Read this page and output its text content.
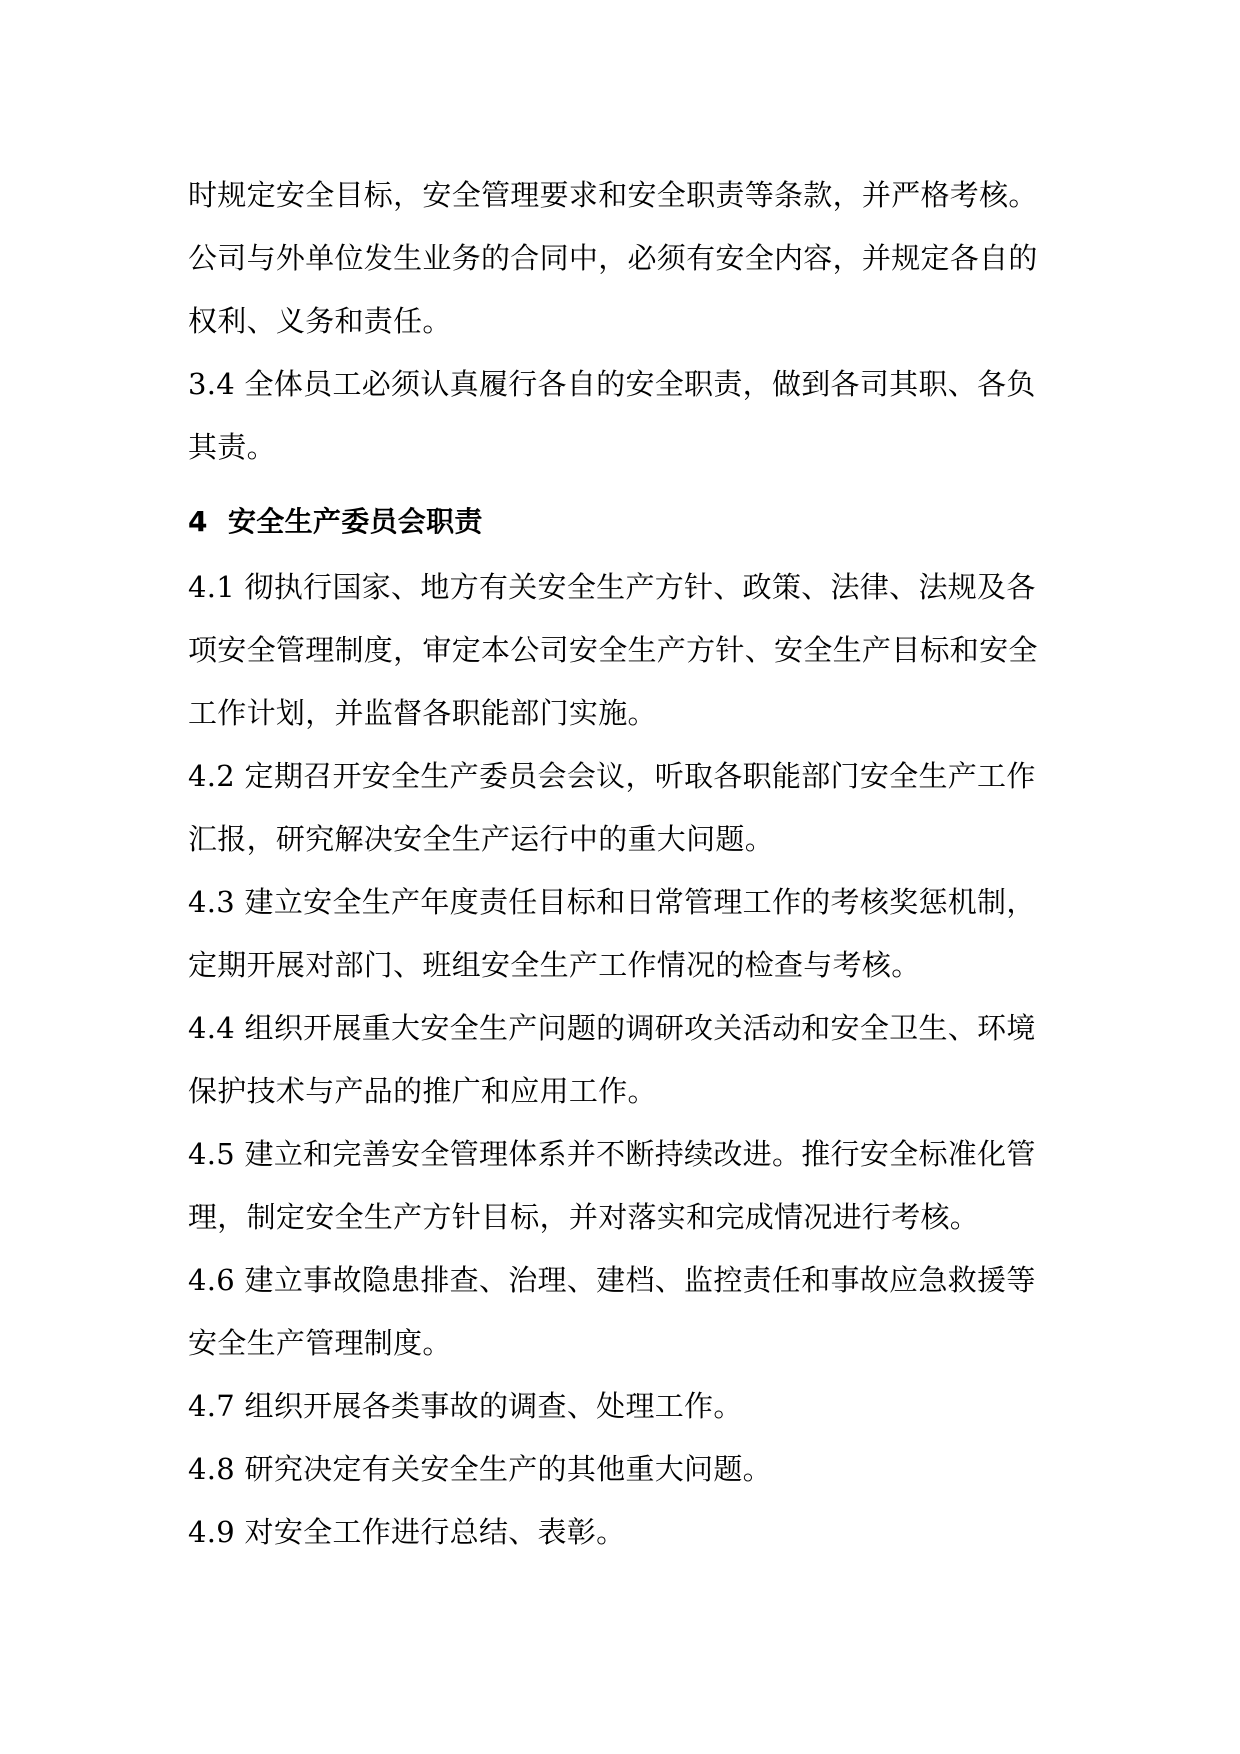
时规定安全目标，安全管理要求和安全职责等条款，并严格考核。
公司与外单位发生业务的合同中，必须有安全内容，并规定各自的
权利、义务和责任。
3.4 全体员工必须认真履行各自的安全职责，做到各司其职、各负
其责。
4 安全生产委员会职责
4.1 彻执行国家、地方有关安全生产方针、政策、法律、法规及各
项安全管理制度，审定本公司安全生产方针、安全生产目标和安全
工作计划，并监督各职能部门实施。
4.2 定期召开安全生产委员会会议，听取各职能部门安全生产工作
汇报，研究解决安全生产运行中的重大问题。
4.3 建立安全生产年度责任目标和日常管理工作的考核奖惩机制，
定期开展对部门、班组安全生产工作情况的检查与考核。
4.4 组织开展重大安全生产问题的调研攻关活动和安全卫生、环境
保护技术与产品的推广和应用工作。
4.5 建立和完善安全管理体系并不断持续改进。推行安全标准化管
理，制定安全生产方针目标，并对落实和完成情况进行考核。
4.6 建立事故隐患排查、治理、建档、监控责任和事故应急救援等
安全生产管理制度。
4.7 组织开展各类事故的调查、处理工作。
4.8 研究决定有关安全生产的其他重大问题。
4.9 对安全工作进行总结、表彰。
